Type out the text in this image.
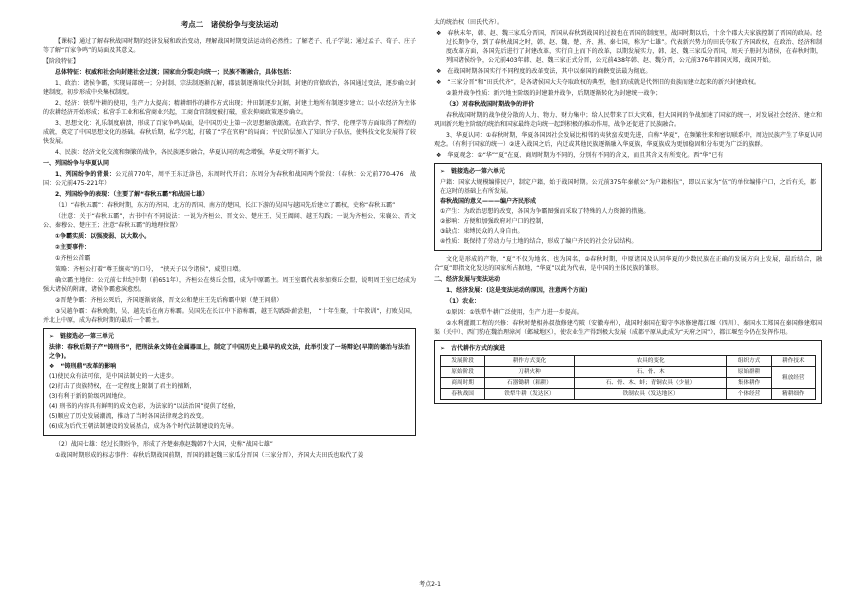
考点二　诸侯纷争与变法运动

【课标】通过了解春秋战国时期的经济发展和政治变动，理解战国时期变法运动的必然性；了解老子、孔子学说；通过孟子、荀子、庄子等了解“百家争鸣”的局面及其意义。

【阶段特征】

总体特征：权威和社会向封建社会过渡；国家由分裂走向统一；民族不断融合，具体包括：

1、政治：诸侯争霸，实现局部统一；分封制、宗法制逐渐瓦解，郡县制逐渐取代分封制，封建的官僚政治，各国通过变法，逐步确立封建制度，初步形成中央集权制度。

2、经济：铁犁牛耕的使用，生产力大提高；精耕细作的耕作方式出现；井田制逐步瓦解，封建土地所有制逐步建立；以小农经济为主体的农耕经济开始形成；私营手工业和私营商业兴起，工商食官制度被打破，重农抑商政策逐步确立。

3、思想文化：礼乐制度崩溃，形成了百家争鸣局面，是中国历史上第一次思想解放潮流。在政治学、哲学、伦理学等方面取得了辉煌的成就，奠定了中国思想文化的基础。春秋后期，私学兴起，打破了“学在官府”的局面；平民阶层加入了知识分子队伍，使科技文化发展得了较快发展。

4、民族：经济文化交流和频繁的战争，各民族逐步融合，华夏认同的观念增强，华夏文明不断扩大。

一、列国纷争与华夏认同

1、列国纷争的背景：公元前770年，周平王东迁洛邑，东周时代开启；东周分为春秋和战国两个阶段：（春秋：公元前770-476　战国：公元前475-221年）

2、列国纷争的表现：（主要了解“春秋五霸”和战国七雄）

（1）“春秋五霸”：春秋时期，东方的齐国、北方的晋国、南方的楚国，长江下游的吴国与越国先后建立了霸权，史称“春秋五霸”

（注意：关于“春秋五霸”，古书中有不同说法：一说为齐桓公、晋文公、楚庄王、吴王阖闾、越王勾践；一说为齐桓公、宋襄公、晋文公、秦穆公、楚庄王；注意“春秋五霸”的地理位置）

①争霸实质：以强凌弱、以大欺小。

②主要事件：

①齐桓公首霸

策略：齐桓公打着“尊王攘夷”的口号，　“挟天子以令诸侯”，威望日增。

确立霸主地位：公元前七世纪中期（前651年），齐桓公在葵丘会盟，成为中原霸主。周王室霸代表参加葵丘会盟，说明周王室已经成为强大诸侯的附庸，诸侯争霸愈演愈烈。

②晋楚争霸：齐桓公死后，齐国逐渐衰落，晋文公和楚庄王先后称霸中原（楚王问鼎）

③吴越争霸：春秋晚期，吴、越先后在南方称霸。吴国先在长江中下游称霸，越王勾践卧薪尝胆，　“十年生聚，十年教训”，打败吴国，并北上中原，成为春秋时期的最后一个霸主。

➢　链接选必一第三单元

法律：春秋后期子产“铸刑书”，把刑法条文铸在金属器皿上，制定了中国历史上最早的成文法，此举引发了一场辩论(早期的德治与法治之争)。

❖　“铸刑鼎”改革的影响

(1)使民众有法可依，是中国法制史的一大进步。

(2)打击了贵族特权，在一定程度上限制了君主的擅断，

(3)有利于新的阶级巩固地位。

(4) 刑书的内容具有鲜明的成文色彩，为法家的“以法治国”提供了经验，

(5)顺应了历史发展潮流，推动了当时各国法律观念的改变。

(6)成为后代王朝法制建设的发展基点，成为各个时代法制建设的先导。

（2）战国七雄：经过长期纷争，形成了齐楚秦燕赵魏韩7个大国，史称“战国七雄”

①战国时期形成的标志事件：春秋后期战国前期，晋国的韩赵魏三家瓜分晋国（三家分晋），齐国大夫田氏也取代了姜

太的统治权（田氏代齐）。

❖　春秋末年，韩、赵、魏三家瓜分晋国，晋国从春秋到战国的过渡也在晋国的制度里，战国时期以后，十余个郡大夫家族控制了晋国的政局。经过长期争夺，到了春秋战国之时，韩、赵、魏、楚、齐、燕、秦七国，称为“七雄”。代表新兴势力的田氏夺取了齐国政权，在政治、经济和制度改革方面，各国先后进行了封建改革，实行自上而下的改革，以期发展实力，韩、赵、魏三家瓜分晋国，周天子册封为诸侯，在春秋时期，列国诸侯纷争，公元前403年韩、赵、魏三家正式分晋，公元前438年韩、赵、魏分晋，公元前376年韩国灭郑，战国开始。

❖　在战国时期各国实行不同程度的改革变法，其中以秦国的商鞅变法最为彻底。

❖　“三家分晋”和“田氏代齐”，是各诸侯国大夫夺取政权的典型，他们的成就是代替旧的贵族而建立起来的新兴封建政权。

②兼并战争性质：新兴地主阶级的封建兼并战争，后期逐渐转化为封建统一战争；

（3）对春秋战国时期战争的评价

春秋战国时期的战争使分散的人力、物力、财力集中；给人民带来了巨大灾难，但大国间的争战加速了国家的统一，对发展社会经济、建立和巩固新兴地主阶级的统治和国家最终走向统一起到积极的推动作用，战争还促进了民族融合。

3、华夏认同：①春秋时期，华夏各国因社会发展比相邻的夷狄蛮戎更先进，自称“华夏”，在频繁往来和密切联系中，周边民族产生了华夏认同观念。（有利于国家的统一）②进入战国之后，内迁或其他民族逐渐融入华夏族，华夏族成为更加稳固和分布更为广泛的族群。

❖　华夏观念：①“华”“夏”在夏、商周时期为不同的，分别有不同的含义，而且其含义有所变化。西“华”已有

➢　链接选必一第六单元

户籍：国家大规模编排民户，制定户籍，始于战国时期。公元前375年秦献公“为户籍相伍”，即以五家为“伍”的单位编排户口，之后有关，都在这时的基础上有所发展。

春秋战国的意义———编户齐民形成

①产生：为政治思想的改变，各国为争霸图强而采取了特殊的人力资源的措施。

②影响：方便和加强政府对户口的控制，

③缺点：束缚民众的人身自由。

④性质：既保持了劳动力与土地的结合，形成了编户齐民的社会分层结构。

文化是形成的产物，“夏”不仅为地名、也为国名，②春秋时期，中原诸国及认同华夏的少数民族在正确的发展方向上发展，最后结合，融合“夏”即指文化发达的国家所占据地，“华夏”以此为代表，是中国的主体民族的雏形。

二、经济发展与变法运动

1、经济发展：(这是变法运动的原因，注意两个方面)

（1）农业：

①原因：①铁犁牛耕广泛使用，生产力进一步提高。

②水利灌溉工程的兴修：春秋时楚相孙叔敖修建芍陂（安徽寿州），战国时秦国在蜀守李冰修建都江堰（四川）、秦国水工郑国在秦国修建郑国渠（关中）、西门豹在魏治理漳河（邺城地区），使农业生产得到极大发展（成都平原从此成为“天府之国”），都江堰至今仍在发挥作用。

➢　古代耕作方式的演进
发展阶段	耕作方式变化	农具的变化	组织方式	耕作技术
原始阶段	刀耕火种	石、骨、木	原始群耕	粗放经营
商周时期	石器锄耕（耜耕）	石、骨、木、蚌；青铜农具（少量）	集体耕作	
春秋战国	铁犁牛耕（发达区）	铁制农具（发达地区）	个体经营	精耕细作
考点2-1
